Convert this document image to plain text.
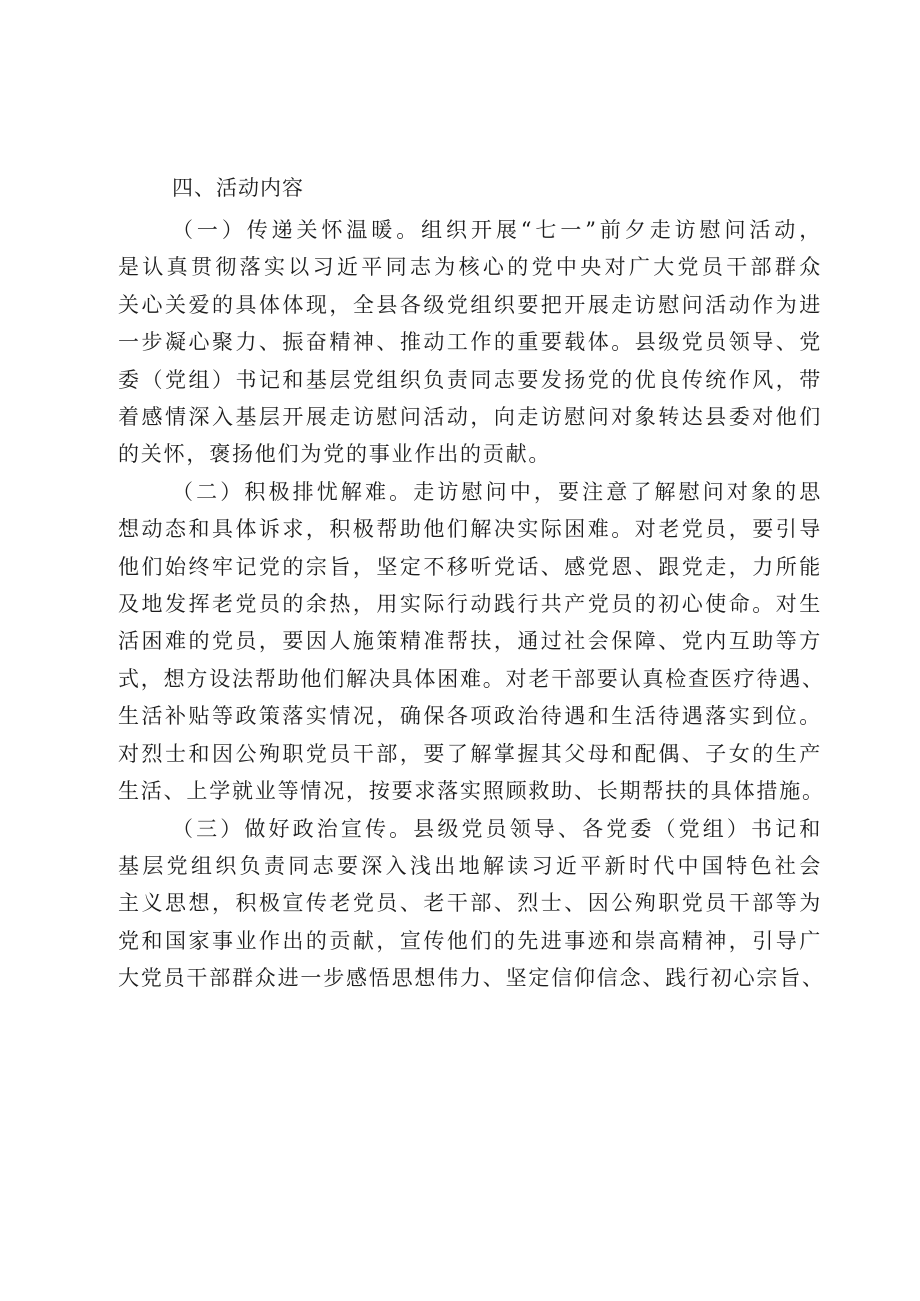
四、活动内容

（一）传递关怀温暖。组织开展“七一”前夕走访慰问活动，
是认真贯彻落实以习近平同志为核心的党中央对广大党员干部群众
关心关爱的具体体现，全县各级党组织要把开展走访慰问活动作为进
一步凝心聚力、振奋精神、推动工作的重要载体。县级党员领导、党
委（党组）书记和基层党组织负责同志要发扬党的优良传统作风，带
着感情深入基层开展走访慰问活动，向走访慰问对象转达县委对他们
的关怀，褒扬他们为党的事业作出的贡献。

（二）积极排忧解难。走访慰问中，要注意了解慰问对象的思
想动态和具体诉求，积极帮助他们解决实际困难。对老党员，要引导
他们始终牢记党的宗旨，坚定不移听党话、感党恩、跟党走，力所能
及地发挥老党员的余热，用实际行动践行共产党员的初心使命。对生
活困难的党员，要因人施策精准帮扶，通过社会保障、党内互助等方
式，想方设法帮助他们解决具体困难。对老干部要认真检查医疗待遇、
生活补贴等政策落实情况，确保各项政治待遇和生活待遇落实到位。
对烈士和因公殉职党员干部，要了解掌握其父母和配偶、子女的生产
生活、上学就业等情况，按要求落实照顾救助、长期帮扶的具体措施。

（三）做好政治宣传。县级党员领导、各党委（党组）书记和
基层党组织负责同志要深入浅出地解读习近平新时代中国特色社会
主义思想，积极宣传老党员、老干部、烈士、因公殉职党员干部等为
党和国家事业作出的贡献，宣传他们的先进事迹和崇高精神，引导广
大党员干部群众进一步感悟思想伟力、坚定信仰信念、践行初心宗旨、
